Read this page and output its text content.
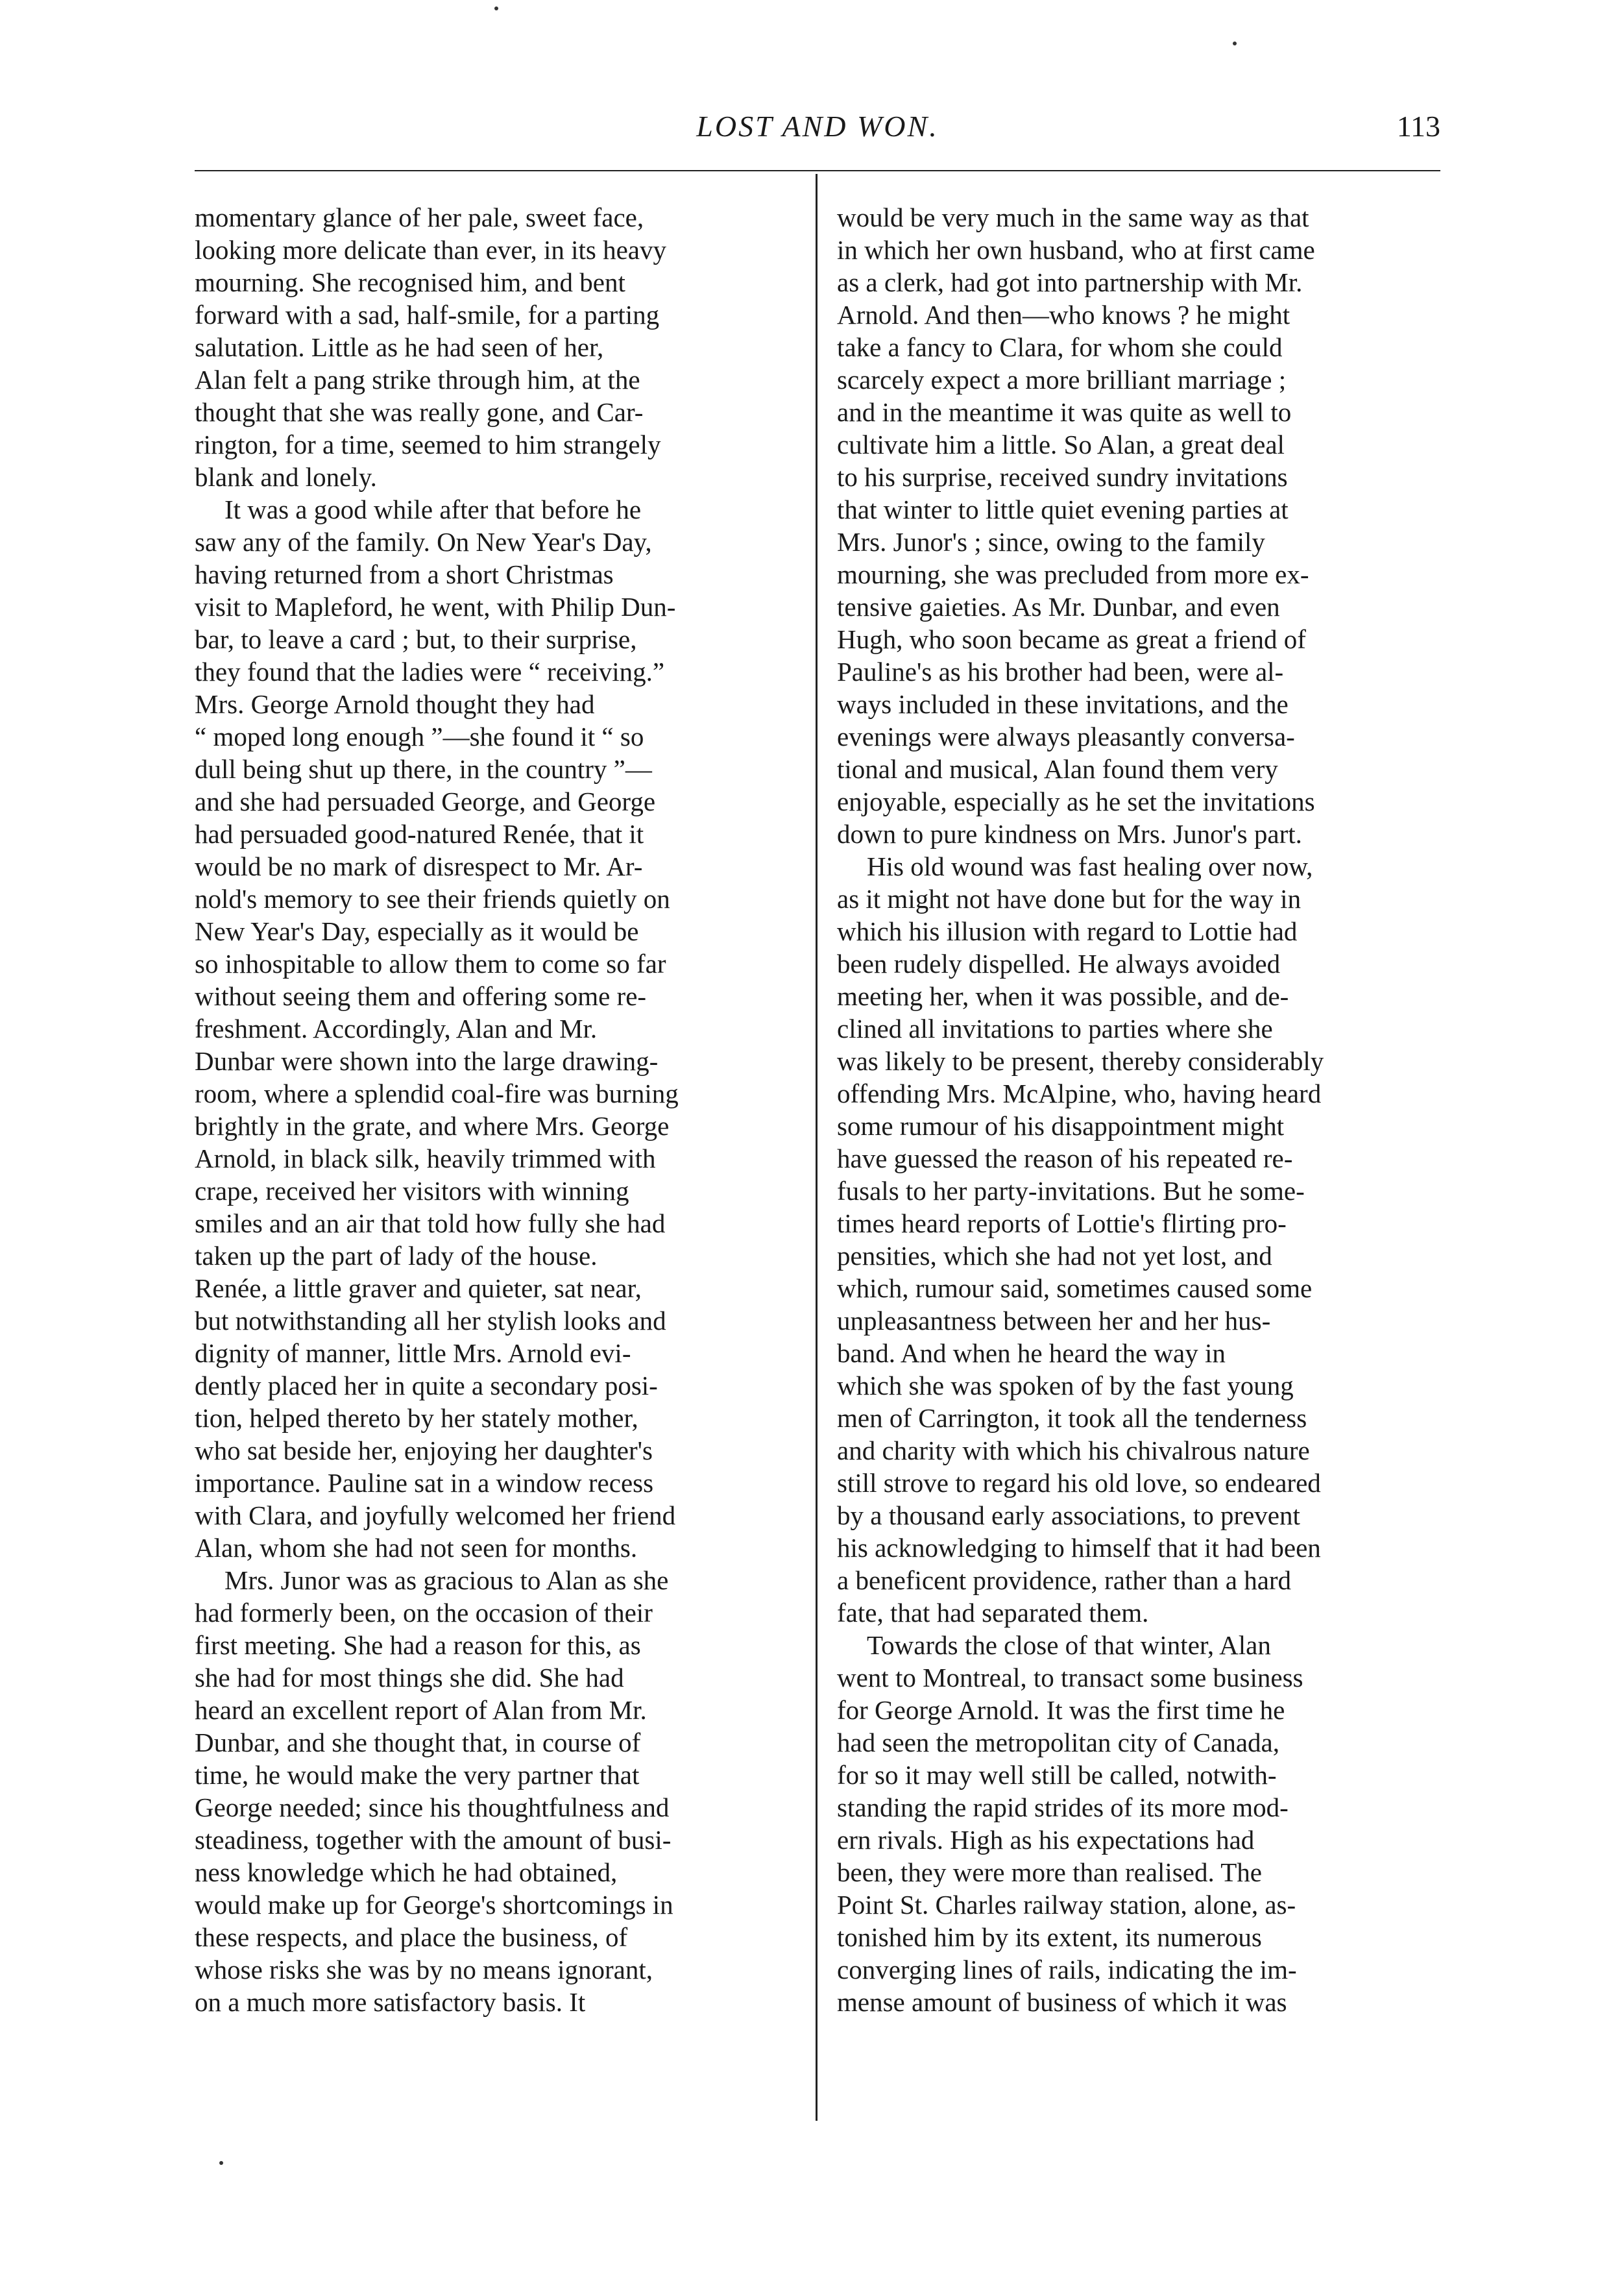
LOST AND WON.	113

momentary glance of her pale, sweet face,
looking more delicate than ever, in its heavy
mourning. She recognised him, and bent
forward with a sad, half-smile, for a parting
salutation. Little as he had seen of her,
Alan felt a pang strike through him, at the
thought that she was really gone, and Car-
rington, for a time, seemed to him strangely
blank and lonely.

It was a good while after that before he
saw any of the family. On New Year's Day,
having returned from a short Christmas
visit to Mapleford, he went, with Philip Dun-
bar, to leave a card ; but, to their surprise,
they found that the ladies were “ receiving.”
Mrs. George Arnold thought they had
“ moped long enough ”—she found it “ so
dull being shut up there, in the country ”—
and she had persuaded George, and George
had persuaded good-natured Renée, that it
would be no mark of disrespect to Mr. Ar-
nold's memory to see their friends quietly on
New Year's Day, especially as it would be
so inhospitable to allow them to come so far
without seeing them and offering some re-
freshment. Accordingly, Alan and Mr.
Dunbar were shown into the large drawing-
room, where a splendid coal-fire was burning
brightly in the grate, and where Mrs. George
Arnold, in black silk, heavily trimmed with
crape, received her visitors with winning
smiles and an air that told how fully she had
taken up the part of lady of the house.
Renée, a little graver and quieter, sat near,
but notwithstanding all her stylish looks and
dignity of manner, little Mrs. Arnold evi-
dently placed her in quite a secondary posi-
tion, helped thereto by her stately mother,
who sat beside her, enjoying her daughter's
importance. Pauline sat in a window recess
with Clara, and joyfully welcomed her friend
Alan, whom she had not seen for months.

Mrs. Junor was as gracious to Alan as she
had formerly been, on the occasion of their
first meeting. She had a reason for this, as
she had for most things she did. She had
heard an excellent report of Alan from Mr.
Dunbar, and she thought that, in course of
time, he would make the very partner that
George needed; since his thoughtfulness and
steadiness, together with the amount of busi-
ness knowledge which he had obtained,
would make up for George's shortcomings in
these respects, and place the business, of
whose risks she was by no means ignorant,
on a much more satisfactory basis. It

would be very much in the same way as that
in which her own husband, who at first came
as a clerk, had got into partnership with Mr.
Arnold. And then—who knows ? he might
take a fancy to Clara, for whom she could
scarcely expect a more brilliant marriage ;
and in the meantime it was quite as well to
cultivate him a little. So Alan, a great deal
to his surprise, received sundry invitations
that winter to little quiet evening parties at
Mrs. Junor's ; since, owing to the family
mourning, she was precluded from more ex-
tensive gaieties. As Mr. Dunbar, and even
Hugh, who soon became as great a friend of
Pauline's as his brother had been, were al-
ways included in these invitations, and the
evenings were always pleasantly conversa-
tional and musical, Alan found them very
enjoyable, especially as he set the invitations
down to pure kindness on Mrs. Junor's part.

His old wound was fast healing over now,
as it might not have done but for the way in
which his illusion with regard to Lottie had
been rudely dispelled. He always avoided
meeting her, when it was possible, and de-
clined all invitations to parties where she
was likely to be present, thereby considerably
offending Mrs. McAlpine, who, having heard
some rumour of his disappointment might
have guessed the reason of his repeated re-
fusals to her party-invitations. But he some-
times heard reports of Lottie's flirting pro-
pensities, which she had not yet lost, and
which, rumour said, sometimes caused some
unpleasantness between her and her hus-
band. And when he heard the way in
which she was spoken of by the fast young
men of Carrington, it took all the tenderness
and charity with which his chivalrous nature
still strove to regard his old love, so endeared
by a thousand early associations, to prevent
his acknowledging to himself that it had been
a beneficent providence, rather than a hard
fate, that had separated them.

Towards the close of that winter, Alan
went to Montreal, to transact some business
for George Arnold. It was the first time he
had seen the metropolitan city of Canada,
for so it may well still be called, notwith-
standing the rapid strides of its more mod-
ern rivals. High as his expectations had
been, they were more than realised. The
Point St. Charles railway station, alone, as-
tonished him by its extent, its numerous
converging lines of rails, indicating the im-
mense amount of business of which it was
